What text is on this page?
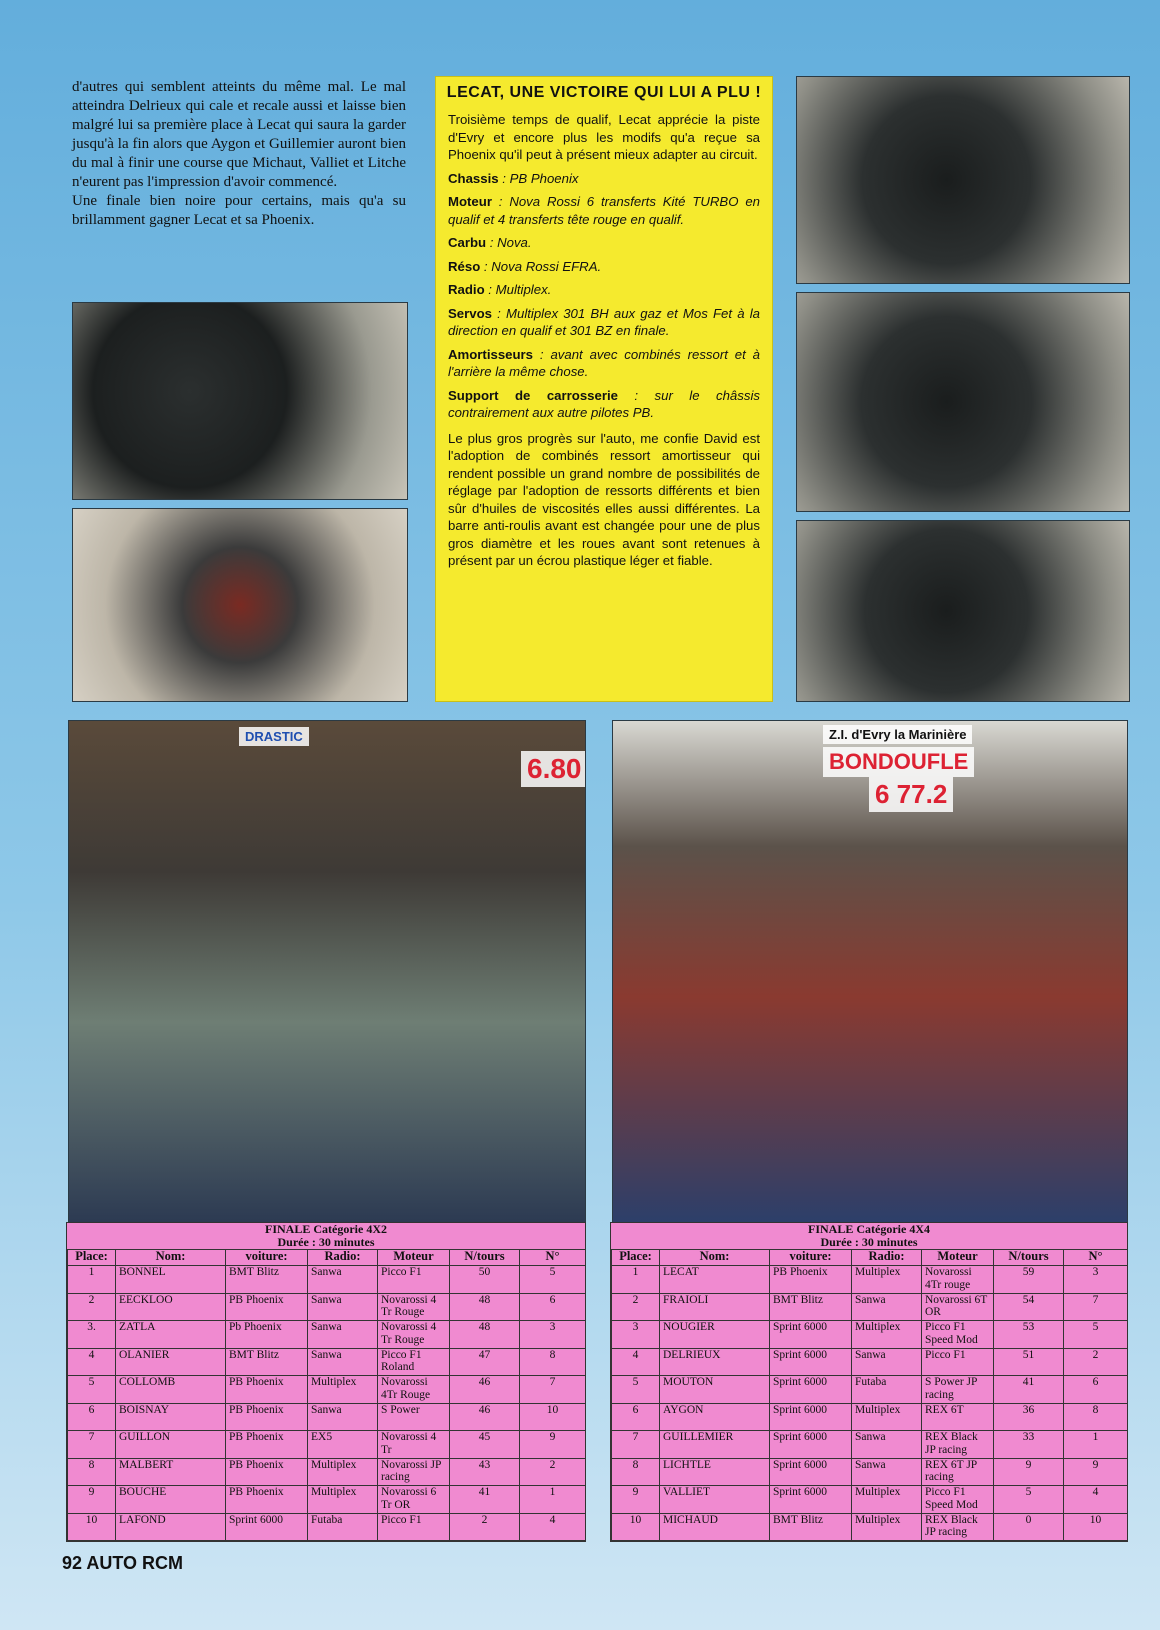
d'autres qui semblent atteints du même mal. Le mal atteindra Delrieux qui cale et recale aussi et laisse bien malgré lui sa première place à Lecat qui saura la garder jusqu'à la fin alors que Aygon et Guillemier auront bien du mal à finir une course que Michaut, Valliet et Litche n'eurent pas l'impression d'avoir commencé.

Une finale bien noire pour certains, mais qu'a su brillamment gagner Lecat et sa Phoenix.

LECAT, UNE VICTOIRE QUI LUI A PLU !

Troisième temps de qualif, Lecat apprécie la piste d'Evry et encore plus les modifs qu'a reçue sa Phoenix qu'il peut à présent mieux adapter au circuit.

Chassis : PB Phoenix

Moteur : Nova Rossi 6 transferts Kité TURBO en qualif et 4 transferts tête rouge en qualif.

Carbu : Nova.

Réso : Nova Rossi EFRA.

Radio : Multiplex.

Servos : Multiplex 301 BH aux gaz et Mos Fet à la direction en qualif et 301 BZ en finale.

Amortisseurs : avant avec combinés ressort et à l'arrière la même chose.

Support de carrosserie : sur le châssis contrairement aux autre pilotes PB.

Le plus gros progrès sur l'auto, me confie David est l'adoption de combinés ressort amortisseur qui rendent possible un grand nombre de possibilités de réglage par l'adoption de ressorts différents et bien sûr d'huiles de viscosités elles aussi différentes. La barre anti-roulis avant est changée pour une de plus gros diamètre et les roues avant sont retenues à présent par un écrou plastique léger et fiable.

DRASTIC
6.80
Z.I. d'Evry la Marinière
BONDOUFLE
6 77.2
FINALE Catégorie 4X2
Durée : 30 minutes
Place:	Nom:	voiture:	Radio:	Moteur	N/tours	N°
1	BONNEL	BMT Blitz	Sanwa	Picco F1	50	5
2	EECKLOO	PB Phoenix	Sanwa	Novarossi 4 Tr Rouge	48	6
3.	ZATLA	Pb Phoenix	Sanwa	Novarossi 4 Tr Rouge	48	3
4	OLANIER	BMT Blitz	Sanwa	Picco F1 Roland	47	8
5	COLLOMB	PB Phoenix	Multiplex	Novarossi 4Tr Rouge	46	7
6	BOISNAY	PB Phoenix	Sanwa	S Power	46	10
7	GUILLON	PB Phoenix	EX5	Novarossi 4 Tr	45	9
8	MALBERT	PB Phoenix	Multiplex	Novarossi JP racing	43	2
9	BOUCHE	PB Phoenix	Multiplex	Novarossi 6 Tr OR	41	1
10	LAFOND	Sprint 6000	Futaba	Picco F1	2	4
FINALE Catégorie 4X4
Durée : 30 minutes
Place:	Nom:	voiture:	Radio:	Moteur	N/tours	N°
1	LECAT	PB Phoenix	Multiplex	Novarossi 4Tr rouge	59	3
2	FRAIOLI	BMT Blitz	Sanwa	Novarossi 6T OR	54	7
3	NOUGIER	Sprint 6000	Multiplex	Picco F1 Speed Mod	53	5
4	DELRIEUX	Sprint 6000	Sanwa	Picco F1	51	2
5	MOUTON	Sprint 6000	Futaba	S Power JP racing	41	6
6	AYGON	Sprint 6000	Multiplex	REX 6T	36	8
7	GUILLEMIER	Sprint 6000	Sanwa	REX Black JP racing	33	1
8	LICHTLE	Sprint 6000	Sanwa	REX 6T JP racing	9	9
9	VALLIET	Sprint 6000	Multiplex	Picco F1 Speed Mod	5	4
10	MICHAUD	BMT Blitz	Multiplex	REX Black JP racing	0	10
92 AUTO RCM
